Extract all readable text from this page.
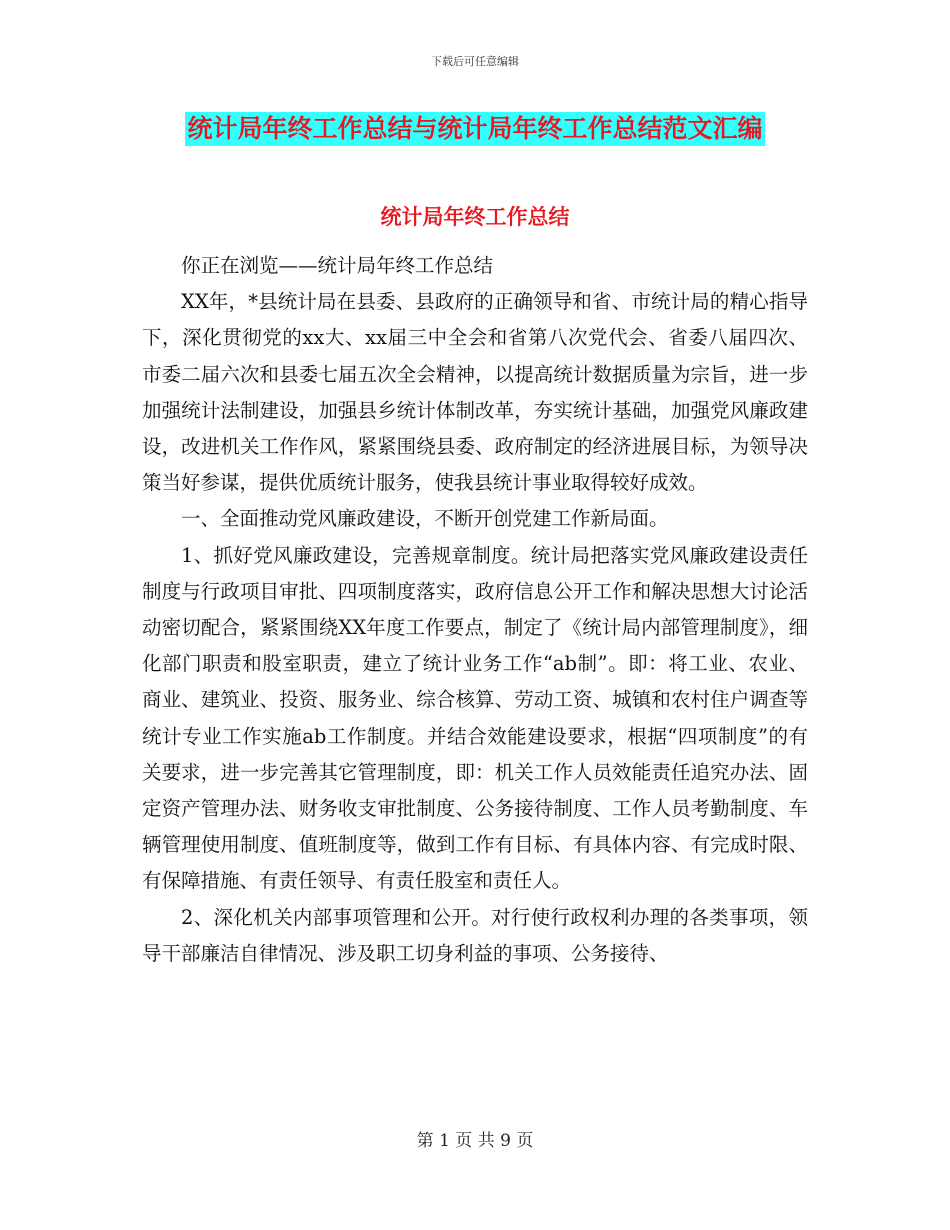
下载后可任意编辑
统计局年终工作总结与统计局年终工作总结范文汇编
统计局年终工作总结

你正在浏览——统计局年终工作总结

XX年，*县统计局在县委、县政府的正确领导和省、市统计局的精心指导下，深化贯彻党的xx大、xx届三中全会和省第八次党代会、省委八届四次、市委二届六次和县委七届五次全会精神，以提高统计数据质量为宗旨，进一步加强统计法制建设，加强县乡统计体制改革，夯实统计基础，加强党风廉政建设，改进机关工作作风，紧紧围绕县委、政府制定的经济进展目标，为领导决策当好参谋，提供优质统计服务，使我县统计事业取得较好成效。

一、全面推动党风廉政建设，不断开创党建工作新局面。

1、抓好党风廉政建设，完善规章制度。统计局把落实党风廉政建设责任制度与行政项目审批、四项制度落实，政府信息公开工作和解决思想大讨论活动密切配合，紧紧围绕XX年度工作要点，制定了《统计局内部管理制度》，细化部门职责和股室职责，建立了统计业务工作“ab制”。即：将工业、农业、商业、建筑业、投资、服务业、综合核算、劳动工资、城镇和农村住户调查等统计专业工作实施ab工作制度。并结合效能建设要求，根据“四项制度”的有关要求，进一步完善其它管理制度，即：机关工作人员效能责任追究办法、固定资产管理办法、财务收支审批制度、公务接待制度、工作人员考勤制度、车辆管理使用制度、值班制度等，做到工作有目标、有具体内容、有完成时限、有保障措施、有责任领导、有责任股室和责任人。

2、深化机关内部事项管理和公开。对行使行政权利办理的各类事项，领导干部廉洁自律情况、涉及职工切身利益的事项、公务接待、

第 1 页 共 9 页
